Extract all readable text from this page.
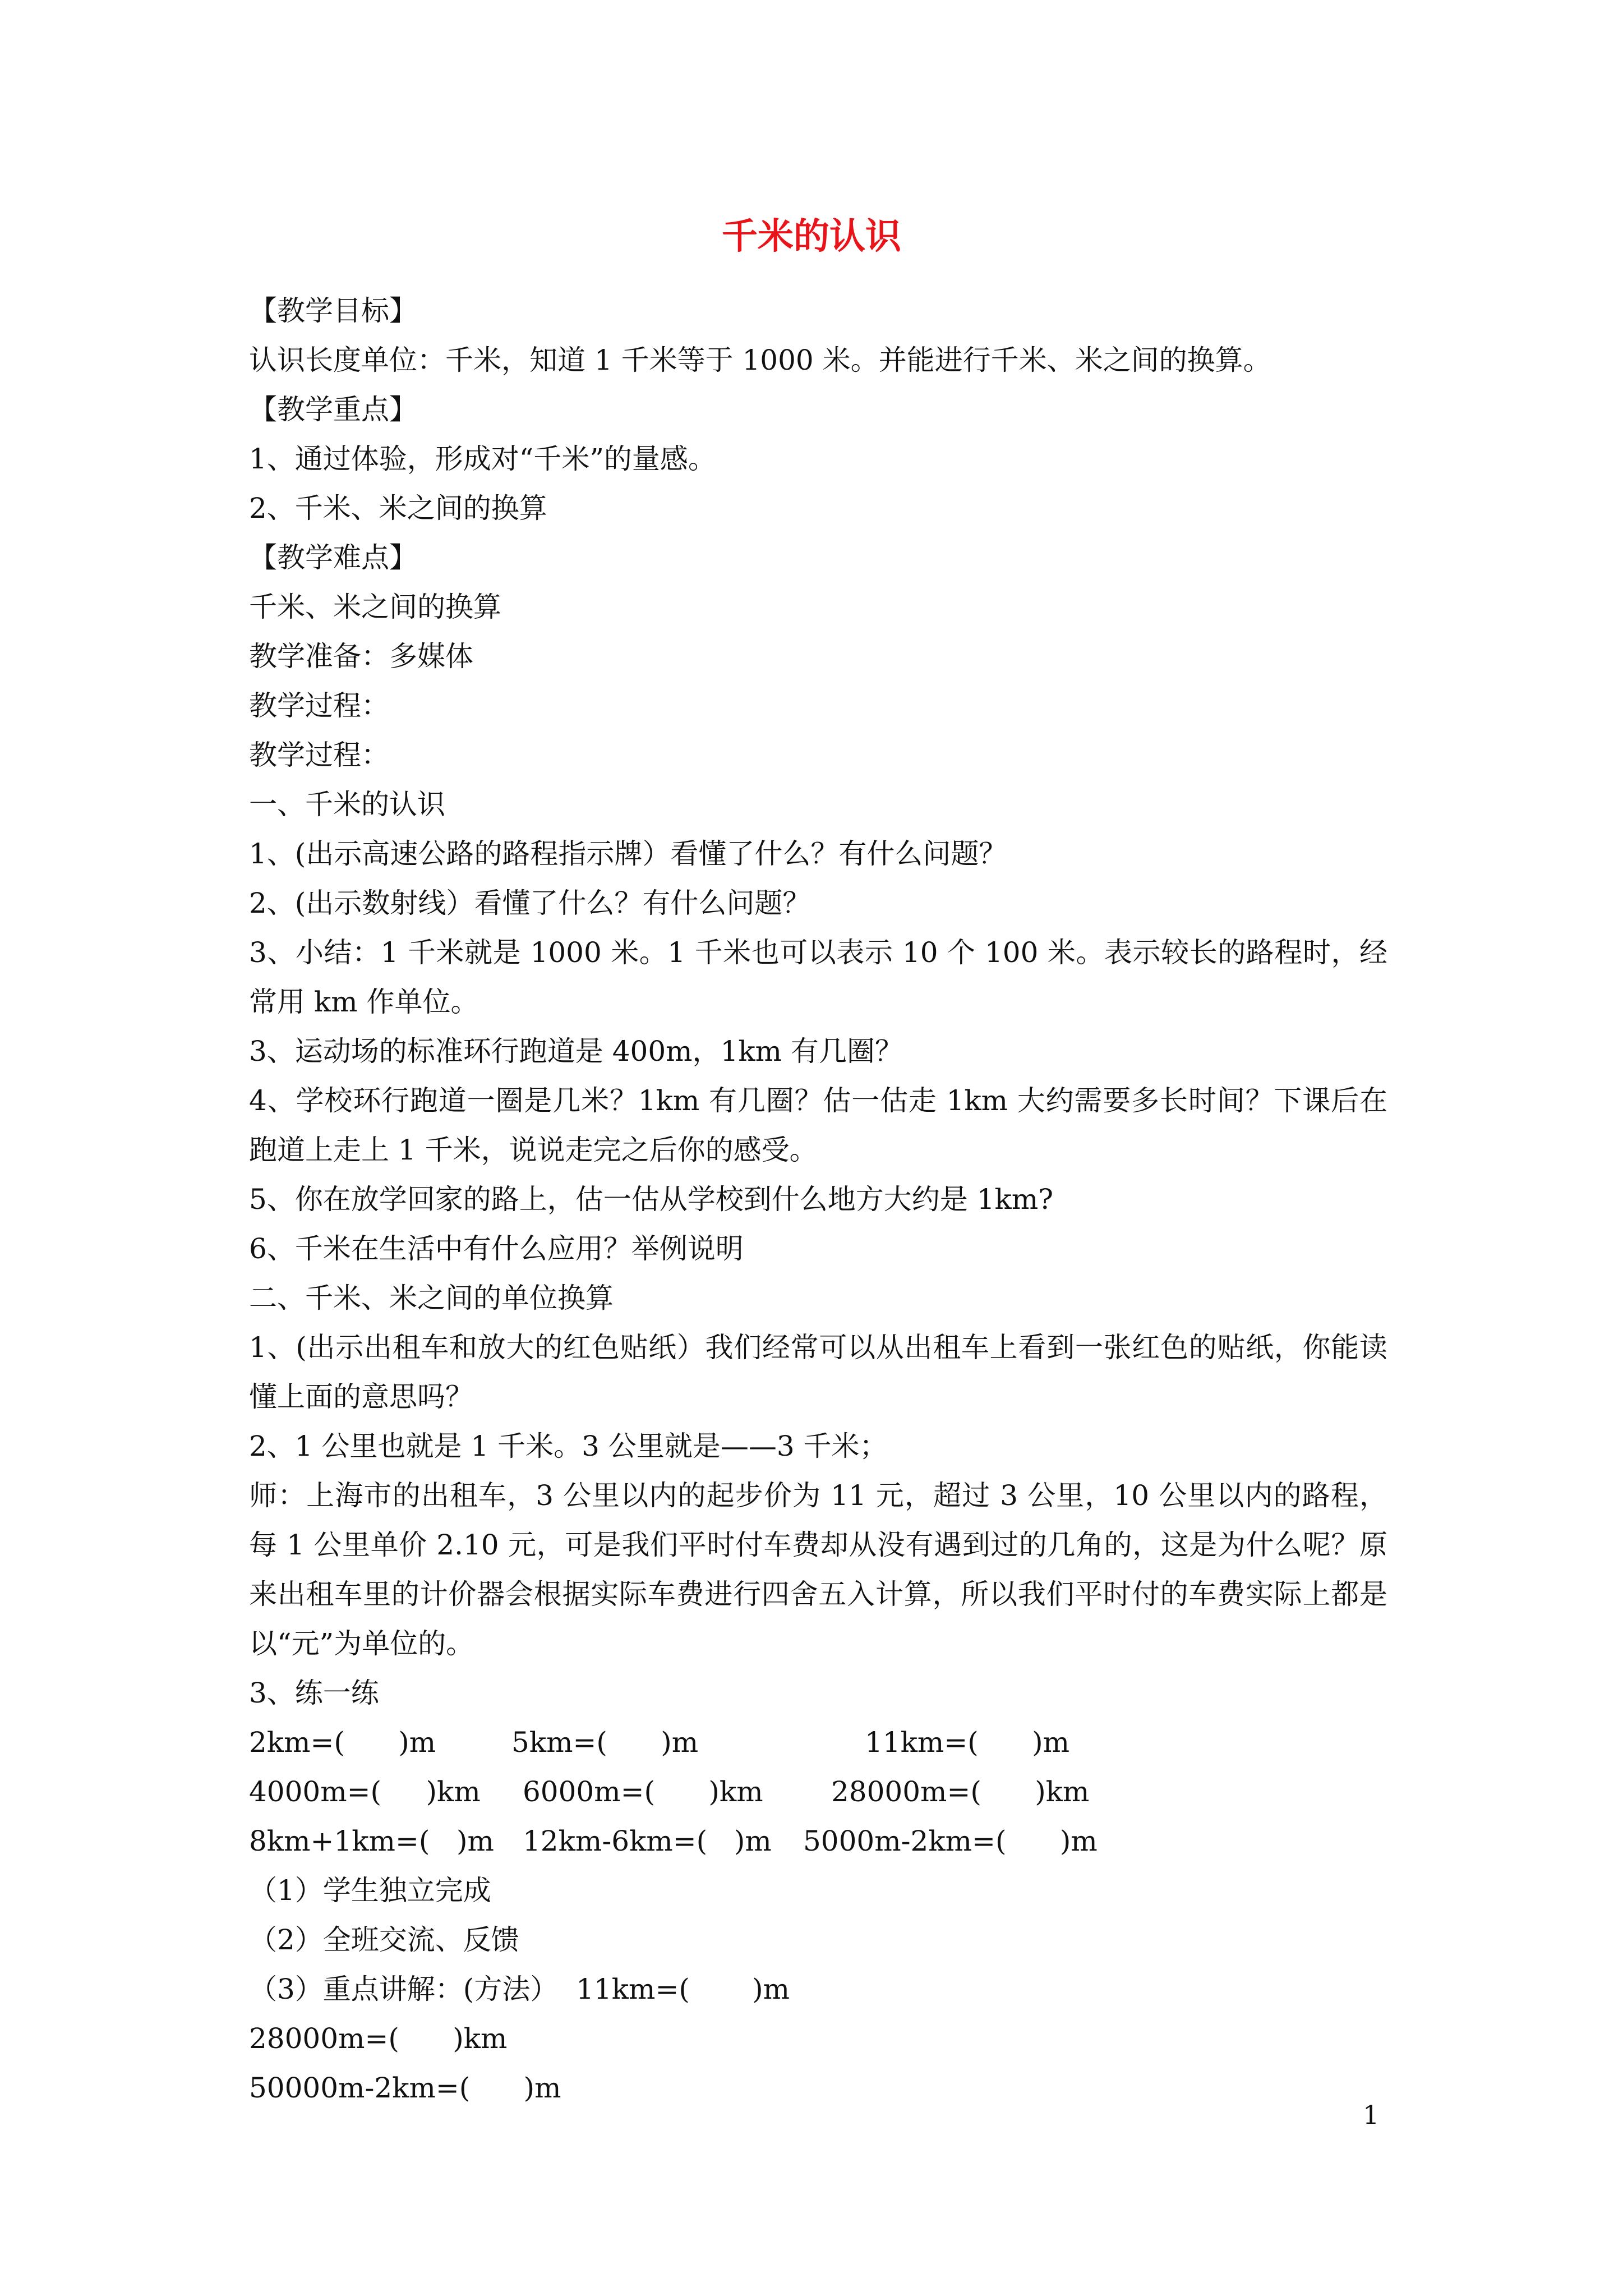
千米的认识
【教学目标】
认识长度单位：千米，知道 1 千米等于 1000 米。并能进行千米、米之间的换算。
【教学重点】
1、通过体验，形成对“千米”的量感。
2、千米、米之间的换算
【教学难点】
千米、米之间的换算
教学准备：多媒体
教学过程：
教学过程：
一、千米的认识
1、(出示高速公路的路程指示牌）看懂了什么？有什么问题？
2、(出示数射线）看懂了什么？有什么问题？
3、小结：1 千米就是 1000 米。1 千米也可以表示 10 个 100 米。表示较长的路程时，经常用 km 作单位。
3、运动场的标准环行跑道是 400m，1km 有几圈？
4、学校环行跑道一圈是几米？1km 有几圈？估一估走 1km 大约需要多长时间？下课后在跑道上走上 1 千米，说说走完之后你的感受。
5、你在放学回家的路上，估一估从学校到什么地方大约是 1km?
6、千米在生活中有什么应用？举例说明
二、千米、米之间的单位换算
1、(出示出租车和放大的红色贴纸）我们经常可以从出租车上看到一张红色的贴纸，你能读懂上面的意思吗？
2、1 公里也就是 1 千米。3 公里就是——3 千米；
师：上海市的出租车，3 公里以内的起步价为 11 元，超过 3 公里，10 公里以内的路程，每 1 公里单价 2.10 元，可是我们平时付车费却从没有遇到过的几角的，这是为什么呢？原来出租车里的计价器会根据实际车费进行四舍五入计算，所以我们平时付的车费实际上都是以“元”为单位的。
3、练一练

2km=(      )m

	5km=(      )m

	11km=(      )m

4000m=(     )km

6000m=(      )km

28000m=(      )km

8km+1km=(   )m

12km-6km=(   )m

5000m-2km=(      )m

（1）学生独立完成
（2）全班交流、反馈
（3）重点讲解：(方法）  11km=(       )m
28000m=(      )km
50000m-2km=(      )m
1
